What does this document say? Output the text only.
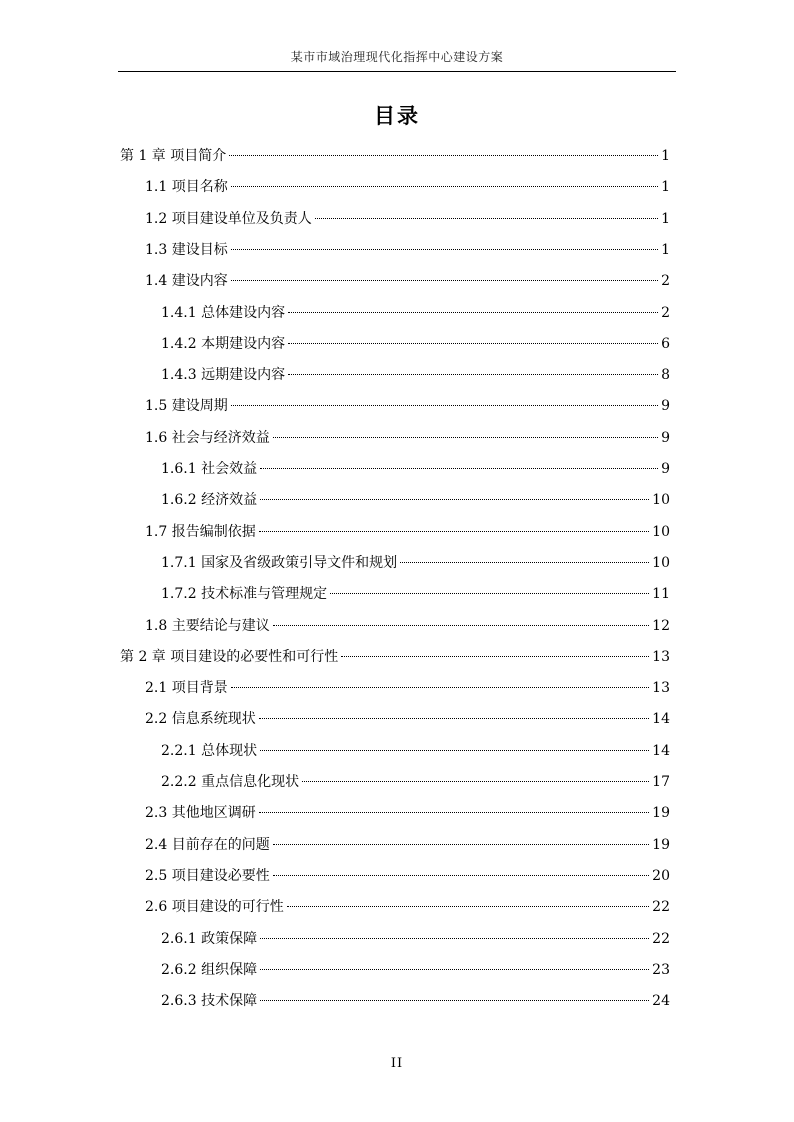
某市市域治理现代化指挥中心建设方案
目录
第 1 章 项目简介	1
1.1 项目名称	1
1.2 项目建设单位及负责人	1
1.3 建设目标	1
1.4 建设内容	2
1.4.1 总体建设内容	2
1.4.2 本期建设内容	6
1.4.3 远期建设内容	8
1.5 建设周期	9
1.6 社会与经济效益	9
1.6.1 社会效益	9
1.6.2 经济效益	10
1.7 报告编制依据	10
1.7.1 国家及省级政策引导文件和规划	10
1.7.2 技术标准与管理规定	11
1.8 主要结论与建议	12
第 2 章 项目建设的必要性和可行性	13
2.1 项目背景	13
2.2 信息系统现状	14
2.2.1 总体现状	14
2.2.2 重点信息化现状	17
2.3 其他地区调研	19
2.4 目前存在的问题	19
2.5 项目建设必要性	20
2.6 项目建设的可行性	22
2.6.1 政策保障	22
2.6.2 组织保障	23
2.6.3 技术保障	24
II
